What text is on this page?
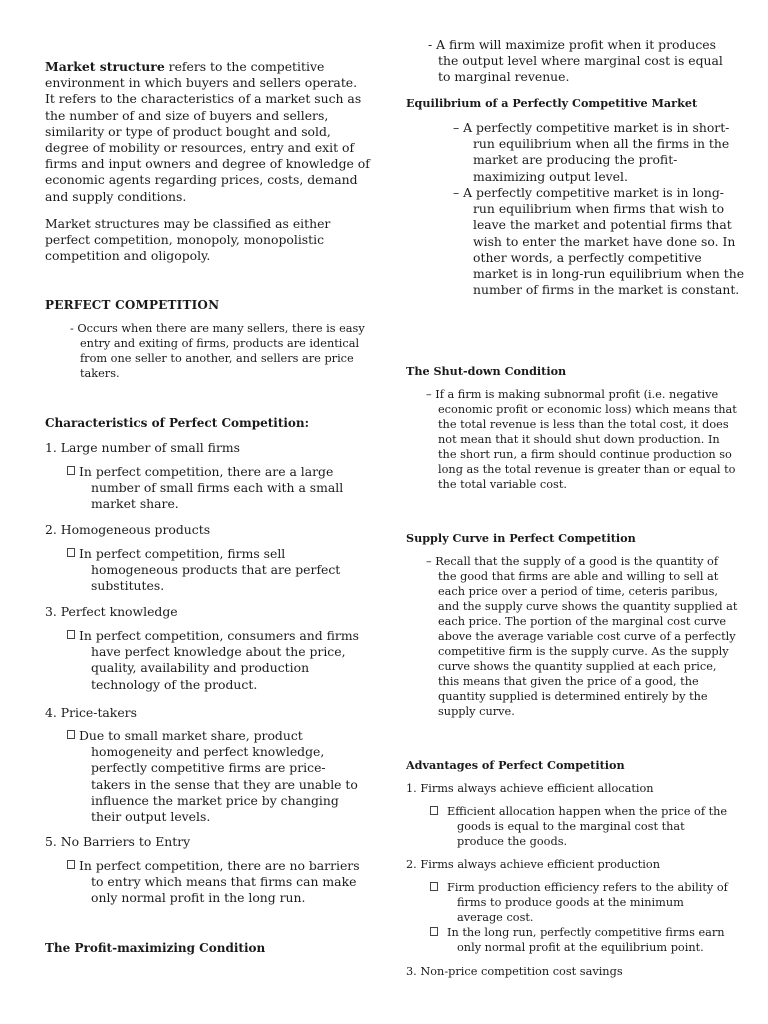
Market structure refers to the competitive environment in which buyers and sellers operate. It refers to the characteristics of a market such as the number of and size of buyers and sellers, similarity or type of product bought and sold, degree of mobility or resources, entry and exit of firms and input owners and degree of knowledge of economic agents regarding prices, costs, demand and supply conditions.

Market structures may be classified as either perfect competition, monopoly, monopolistic competition and oligopoly.

PERFECT COMPETITION

- Occurs when there are many sellers, there is easy entry and exiting of firms, products are identical from one seller to another, and sellers are price takers.

Characteristics of Perfect Competition:

1. Large number of small firms

In perfect competition, there are a large number of small firms each with a small market share.

2. Homogeneous products

In perfect competition, firms sell homogeneous products that are perfect substitutes.

3. Perfect knowledge

In perfect competition, consumers and firms have perfect knowledge about the price, quality, availability and production technology of the product.

4. Price-takers

Due to small market share, product homogeneity and perfect knowledge, perfectly competitive firms are price-takers in the sense that they are unable to influence the market price by changing their output levels.

5. No Barriers to Entry

In perfect competition, there are no barriers to entry which means that firms can make only normal profit in the long run.

The Profit-maximizing Condition

- A firm will maximize profit when it produces the output level where marginal cost is equal to marginal revenue.

Equilibrium of a Perfectly Competitive Market

– A perfectly competitive market is in short-run equilibrium when all the firms in the market are producing the profit-maximizing output level.

– A perfectly competitive market is in long-run equilibrium when firms that wish to leave the market and potential firms that wish to enter the market have done so. In other words, a perfectly competitive market is in long-run equilibrium when the number of firms in the market is constant.

The Shut-down Condition

– If a firm is making subnormal profit (i.e. negative economic profit or economic loss) which means that the total revenue is less than the total cost, it does not mean that it should shut down production. In the short run, a firm should continue production so long as the total revenue is greater than or equal to the total variable cost.

Supply Curve in Perfect Competition

– Recall that the supply of a good is the quantity of the good that firms are able and willing to sell at each price over a period of time, ceteris paribus, and the supply curve shows the quantity supplied at each price. The portion of the marginal cost curve above the average variable cost curve of a perfectly competitive firm is the supply curve. As the supply curve shows the quantity supplied at each price, this means that given the price of a good, the quantity supplied is determined entirely by the supply curve.

Advantages of Perfect Competition

1. Firms always achieve efficient allocation

Efficient allocation happen when the price of the goods is equal to the marginal cost that produce the goods.

2. Firms always achieve efficient production

Firm production efficiency refers to the ability of firms to produce goods at the minimum average cost.
In the long run, perfectly competitive firms earn only normal profit at the equilibrium point.

3. Non-price competition cost savings
